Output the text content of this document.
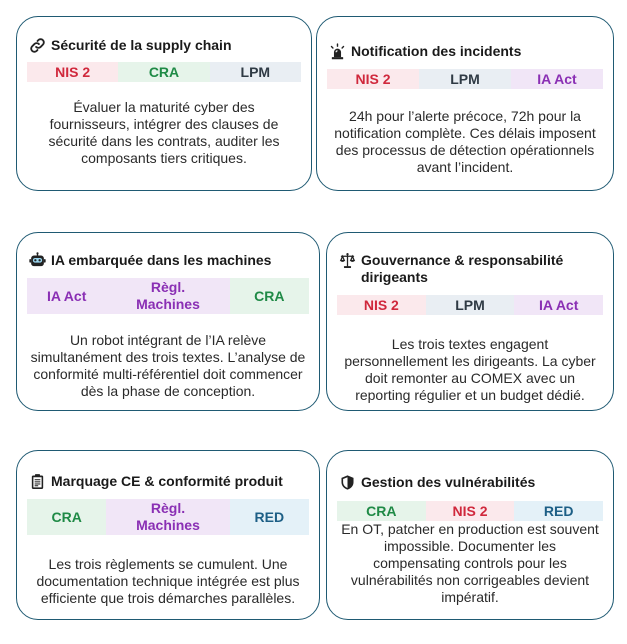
Sécurité de la supply chain
NIS 2	CRA	LPM
Évaluer la maturité cyber des fournisseurs, intégrer des clauses de sécurité dans les contrats, auditer les composants tiers critiques.
Notification des incidents
NIS 2	LPM	IA Act
24h pour l’alerte précoce, 72h pour la notification complète. Ces délais imposent des processus de détection opérationnels avant l’incident.
IA embarquée dans les machines
IA Act
Règl. Machines
CRA
Un robot intégrant de l’IA relève simultanément des trois textes. L’analyse de conformité multi-référentiel doit commencer dès la phase de conception.
Gouvernance & responsabilité dirigeants
NIS 2	LPM	IA Act
Les trois textes engagent personnellement les dirigeants. La cyber doit remonter au COMEX avec un reporting régulier et un budget dédié.
Marquage CE & conformité produit
CRA
Règl. Machines
RED
Les trois règlements se cumulent. Une documentation technique intégrée est plus efficiente que trois démarches parallèles.
Gestion des vulnérabilités
CRA	NIS 2	RED
En OT, patcher en production est souvent impossible. Documenter les compensating controls pour les vulnérabilités non corrigeables devient impératif.
